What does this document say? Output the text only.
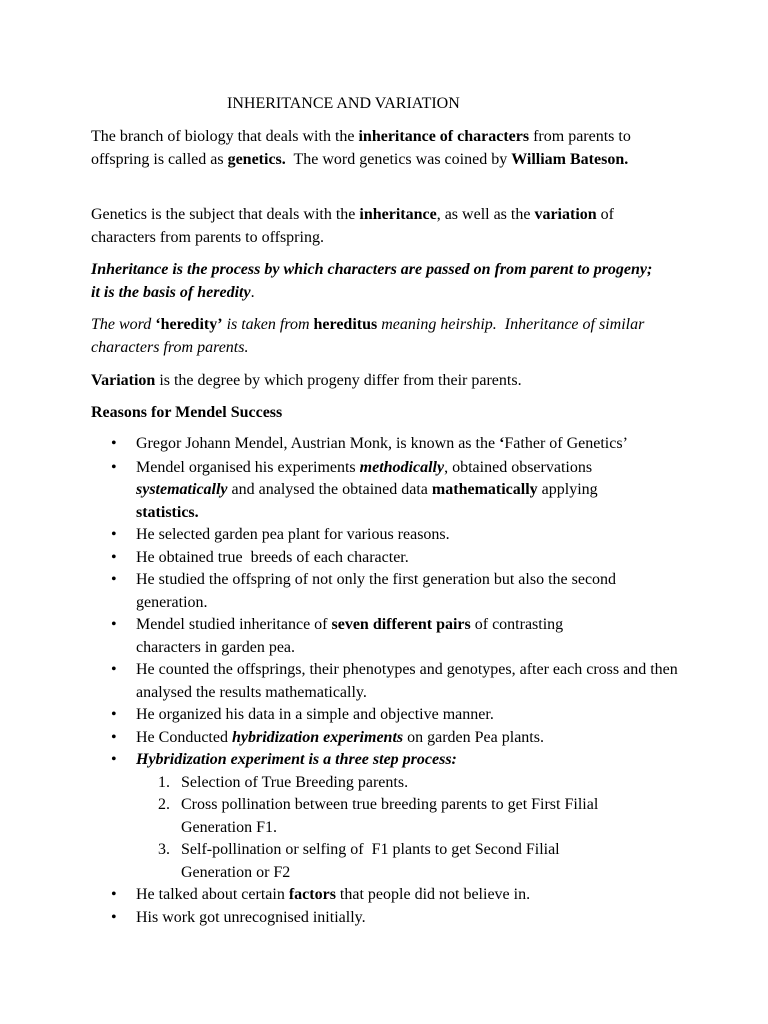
INHERITANCE AND VARIATION

The branch of biology that deals with the inheritance of characters from parents to offspring is called as genetics.  The word genetics was coined by William Bateson.

Genetics is the subject that deals with the inheritance, as well as the variation of characters from parents to offspring.

Inheritance is the process by which characters are passed on from parent to progeny; it is the basis of heredity.

The word ‘heredity’ is taken from hereditus meaning heirship.  Inheritance of similar characters from parents.

Variation is the degree by which progeny differ from their parents.

Reasons for Mendel Success

• Gregor Johann Mendel, Austrian Monk, is known as the ‘Father of Genetics’
• Mendel organised his experiments methodically, obtained observations systematically and analysed the obtained data mathematically applying statistics.
• He selected garden pea plant for various reasons.
• He obtained true  breeds of each character.
• He studied the offspring of not only the first generation but also the second generation.
• Mendel studied inheritance of seven different pairs of contrasting characters in garden pea.
• He counted the offsprings, their phenotypes and genotypes, after each cross and then analysed the results mathematically.
• He organized his data in a simple and objective manner.
• He Conducted hybridization experiments on garden Pea plants.
• Hybridization experiment is a three step process:
1. Selection of True Breeding parents.
2. Cross pollination between true breeding parents to get First Filial Generation F1.
3. Self-pollination or selfing of  F1 plants to get Second Filial Generation or F2
• He talked about certain factors that people did not believe in.
• His work got unrecognised initially.
